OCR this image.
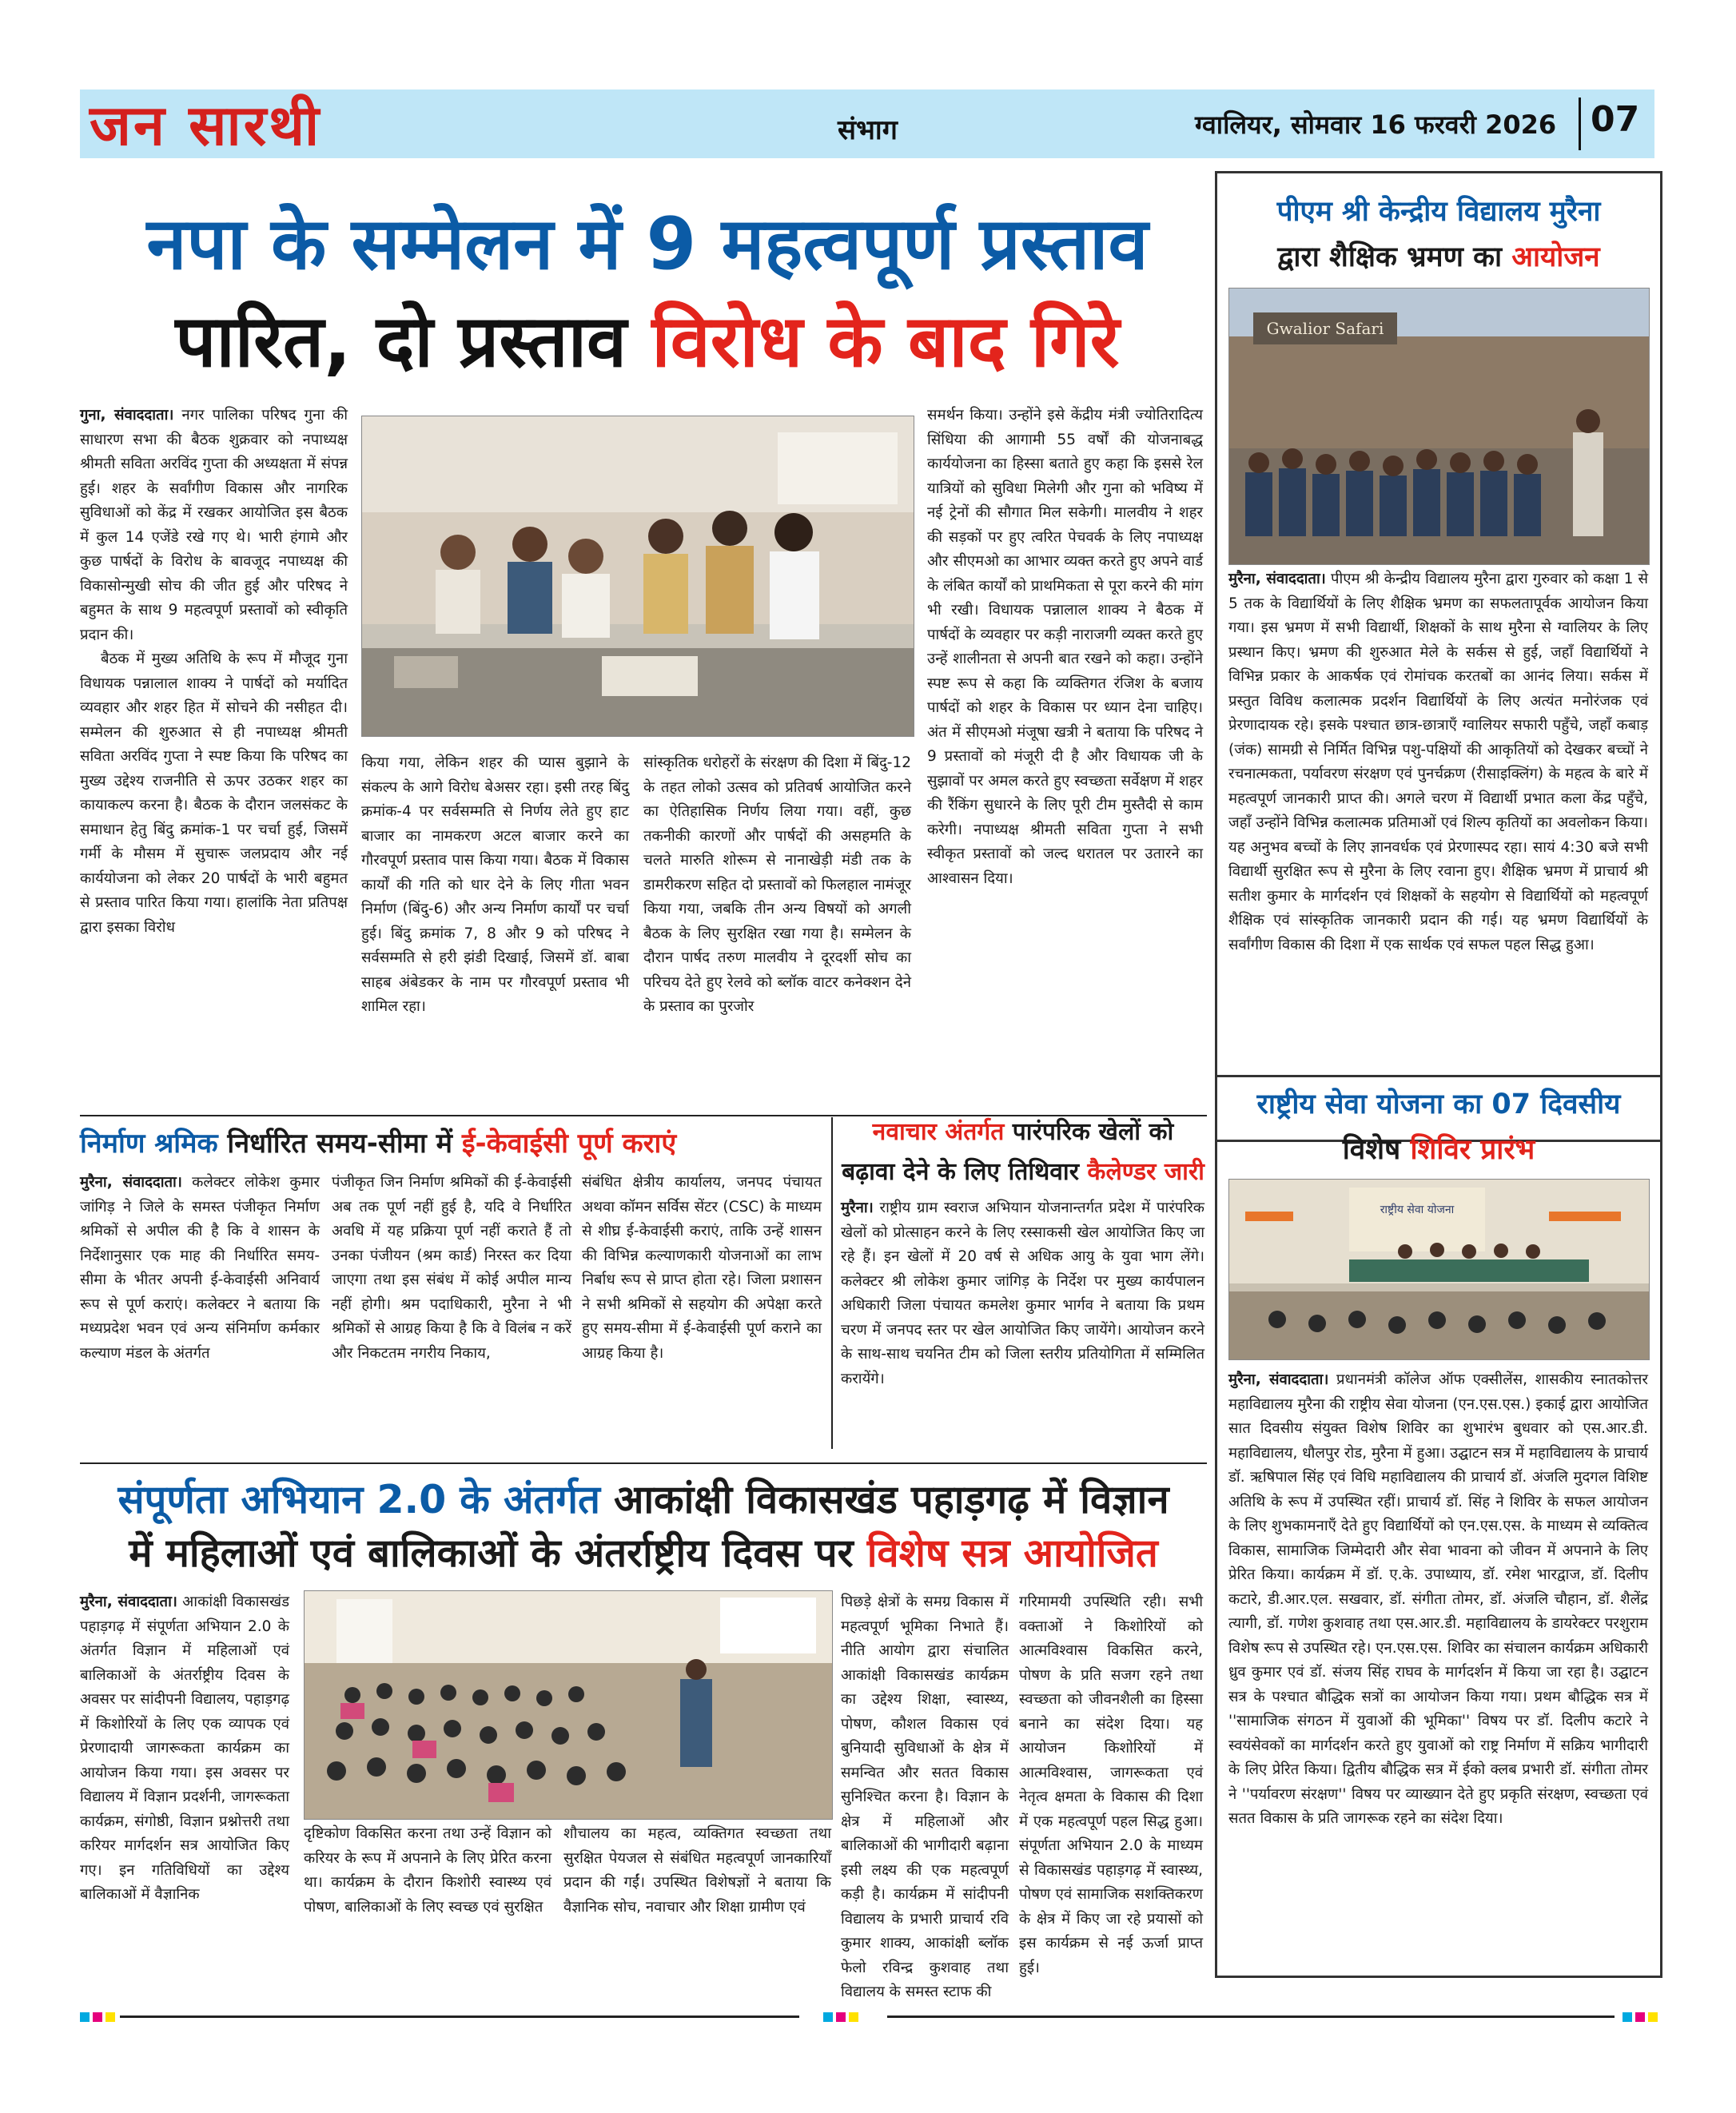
जन सारथी	संभाग	ग्वालियर, सोमवार 16 फरवरी 2026 07
नपा के सम्मेलन में 9 महत्वपूर्ण प्रस्ताव
पारित, दो प्रस्ताव विरोध के बाद गिरे

गुना, संवाददाता। नगर पालिका परिषद गुना की साधारण सभा की बैठक शुक्रवार को नपाध्यक्ष श्रीमती सविता अरविंद गुप्ता की अध्यक्षता में संपन्न हुई। शहर के सर्वांगीण विकास और नागरिक सुविधाओं को केंद्र में रखकर आयोजित इस बैठक में कुल 14 एजेंडे रखे गए थे। भारी हंगामे और कुछ पार्षदों के विरोध के बावजूद नपाध्यक्ष की विकासोन्मुखी सोच की जीत हुई और परिषद ने बहुमत के साथ 9 महत्वपूर्ण प्रस्तावों को स्वीकृति प्रदान की।

बैठक में मुख्य अतिथि के रूप में मौजूद गुना विधायक पन्नालाल शाक्य ने पार्षदों को मर्यादित व्यवहार और शहर हित में सोचने की नसीहत दी। सम्मेलन की शुरुआत से ही नपाध्यक्ष श्रीमती सविता अरविंद गुप्ता ने स्पष्ट किया कि परिषद का मुख्य उद्देश्य राजनीति से ऊपर उठकर शहर का कायाकल्प करना है। बैठक के दौरान जलसंकट के समाधान हेतु बिंदु क्रमांक-1 पर चर्चा हुई, जिसमें गर्मी के मौसम में सुचारू जलप्रदाय और नई कार्ययोजना को लेकर 20 पार्षदों के भारी बहुमत से प्रस्ताव पारित किया गया। हालांकि नेता प्रतिपक्ष द्वारा इसका विरोध

किया गया, लेकिन शहर की प्यास बुझाने के संकल्प के आगे विरोध बेअसर रहा। इसी तरह बिंदु क्रमांक-4 पर सर्वसम्मति से निर्णय लेते हुए हाट बाजार का नामकरण अटल बाजार करने का गौरवपूर्ण प्रस्ताव पास किया गया। बैठक में विकास कार्यों की गति को धार देने के लिए गीता भवन निर्माण (बिंदु-6) और अन्य निर्माण कार्यों पर चर्चा हुई। बिंदु क्रमांक 7, 8 और 9 को परिषद ने सर्वसम्मति से हरी झंडी दिखाई, जिसमें डॉ. बाबा साहब अंबेडकर के नाम पर गौरवपूर्ण प्रस्ताव भी शामिल रहा।
सांस्कृतिक धरोहरों के संरक्षण की दिशा में बिंदु-12 के तहत लोको उत्सव को प्रतिवर्ष आयोजित करने का ऐतिहासिक निर्णय लिया गया। वहीं, कुछ तकनीकी कारणों और पार्षदों की असहमति के चलते मारुति शोरूम से नानाखेड़ी मंडी तक के डामरीकरण सहित दो प्रस्तावों को फिलहाल नामंजूर किया गया, जबकि तीन अन्य विषयों को अगली बैठक के लिए सुरक्षित रखा गया है। सम्मेलन के दौरान पार्षद तरुण मालवीय ने दूरदर्शी सोच का परिचय देते हुए रेलवे को ब्लॉक वाटर कनेक्शन देने के प्रस्ताव का पुरजोर
समर्थन किया। उन्होंने इसे केंद्रीय मंत्री ज्योतिरादित्य सिंधिया की आगामी 55 वर्षों की योजनाबद्ध कार्ययोजना का हिस्सा बताते हुए कहा कि इससे रेल यात्रियों को सुविधा मिलेगी और गुना को भविष्य में नई ट्रेनों की सौगात मिल सकेगी। मालवीय ने शहर की सड़कों पर हुए त्वरित पेचवर्क के लिए नपाध्यक्ष और सीएमओ का आभार व्यक्त करते हुए अपने वार्ड के लंबित कार्यों को प्राथमिकता से पूरा करने की मांग भी रखी। विधायक पन्नालाल शाक्य ने बैठक में पार्षदों के व्यवहार पर कड़ी नाराजगी व्यक्त करते हुए उन्हें शालीनता से अपनी बात रखने को कहा। उन्होंने स्पष्ट रूप से कहा कि व्यक्तिगत रंजिश के बजाय पार्षदों को शहर के विकास पर ध्यान देना चाहिए। अंत में सीएमओ मंजूषा खत्री ने बताया कि परिषद ने 9 प्रस्तावों को मंजूरी दी है और विधायक जी के सुझावों पर अमल करते हुए स्वच्छता सर्वेक्षण में शहर की रैंकिंग सुधारने के लिए पूरी टीम मुस्तैदी से काम करेगी। नपाध्यक्ष श्रीमती सविता गुप्ता ने सभी स्वीकृत प्रस्तावों को जल्द धरातल पर उतारने का आश्वासन दिया।
पीएम श्री केन्द्रीय विद्यालय मुरैना
द्वारा शैक्षिक भ्रमण का आयोजन
Gwalior Safari

मुरैना, संवाददाता। पीएम श्री केन्द्रीय विद्यालय मुरैना द्वारा गुरुवार को कक्षा 1 से 5 तक के विद्यार्थियों के लिए शैक्षिक भ्रमण का सफलतापूर्वक आयोजन किया गया। इस भ्रमण में सभी विद्यार्थी, शिक्षकों के साथ मुरैना से ग्वालियर के लिए प्रस्थान किए। भ्रमण की शुरुआत मेले के सर्कस से हुई, जहाँ विद्यार्थियों ने विभिन्न प्रकार के आकर्षक एवं रोमांचक करतबों का आनंद लिया। सर्कस में प्रस्तुत विविध कलात्मक प्रदर्शन विद्यार्थियों के लिए अत्यंत मनोरंजक एवं प्रेरणादायक रहे। इसके पश्चात छात्र-छात्राएँ ग्वालियर सफारी पहुँचे, जहाँ कबाड़ (जंक) सामग्री से निर्मित विभिन्न पशु-पक्षियों की आकृतियों को देखकर बच्चों ने रचनात्मकता, पर्यावरण संरक्षण एवं पुनर्चक्रण (रीसाइक्लिंग) के महत्व के बारे में महत्वपूर्ण जानकारी प्राप्त की। अगले चरण में विद्यार्थी प्रभात कला केंद्र पहुँचे, जहाँ उन्होंने विभिन्न कलात्मक प्रतिमाओं एवं शिल्प कृतियों का अवलोकन किया। यह अनुभव बच्चों के लिए ज्ञानवर्धक एवं प्रेरणास्पद रहा। सायं 4:30 बजे सभी विद्यार्थी सुरक्षित रूप से मुरैना के लिए रवाना हुए। शैक्षिक भ्रमण में प्राचार्य श्री सतीश कुमार के मार्गदर्शन एवं शिक्षकों के सहयोग से विद्यार्थियों को महत्वपूर्ण शैक्षिक एवं सांस्कृतिक जानकारी प्रदान की गई। यह भ्रमण विद्यार्थियों के सर्वांगीण विकास की दिशा में एक सार्थक एवं सफल पहल सिद्ध हुआ।

राष्ट्रीय सेवा योजना का 07 दिवसीय
विशेष शिविर प्रारंभ
राष्ट्रीय सेवा योजना

मुरैना, संवाददाता। प्रधानमंत्री कॉलेज ऑफ एक्सीलेंस, शासकीय स्नातकोत्तर महाविद्यालय मुरैना की राष्ट्रीय सेवा योजना (एन.एस.एस.) इकाई द्वारा आयोजित सात दिवसीय संयुक्त विशेष शिविर का शुभारंभ बुधवार को एस.आर.डी. महाविद्यालय, धौलपुर रोड, मुरैना में हुआ। उद्घाटन सत्र में महाविद्यालय के प्राचार्य डॉ. ऋषिपाल सिंह एवं विधि महाविद्यालय की प्राचार्य डॉ. अंजलि मुदगल विशिष्ट अतिथि के रूप में उपस्थित रहीं। प्राचार्य डॉ. सिंह ने शिविर के सफल आयोजन के लिए शुभकामनाएँ देते हुए विद्यार्थियों को एन.एस.एस. के माध्यम से व्यक्तित्व विकास, सामाजिक जिम्मेदारी और सेवा भावना को जीवन में अपनाने के लिए प्रेरित किया। कार्यक्रम में डॉ. ए.के. उपाध्याय, डॉ. रमेश भारद्वाज, डॉ. दिलीप कटारे, डी.आर.एल. सखवार, डॉ. संगीता तोमर, डॉ. अंजलि चौहान, डॉ. शैलेंद्र त्यागी, डॉ. गणेश कुशवाह तथा एस.आर.डी. महाविद्यालय के डायरेक्टर परशुराम विशेष रूप से उपस्थित रहे। एन.एस.एस. शिविर का संचालन कार्यक्रम अधिकारी ध्रुव कुमार एवं डॉ. संजय सिंह राघव के मार्गदर्शन में किया जा रहा है। उद्घाटन सत्र के पश्चात बौद्धिक सत्रों का आयोजन किया गया। प्रथम बौद्धिक सत्र में ''सामाजिक संगठन में युवाओं की भूमिका'' विषय पर डॉ. दिलीप कटारे ने स्वयंसेवकों का मार्गदर्शन करते हुए युवाओं को राष्ट्र निर्माण में सक्रिय भागीदारी के लिए प्रेरित किया। द्वितीय बौद्धिक सत्र में ईको क्लब प्रभारी डॉ. संगीता तोमर ने ''पर्यावरण संरक्षण'' विषय पर व्याख्यान देते हुए प्रकृति संरक्षण, स्वच्छता एवं सतत विकास के प्रति जागरूक रहने का संदेश दिया।

निर्माण श्रमिक निर्धारित समय-सीमा में ई-केवाईसी पूर्ण कराएं

मुरैना, संवाददाता। कलेक्टर लोकेश कुमार जांगिड़ ने जिले के समस्त पंजीकृत निर्माण श्रमिकों से अपील की है कि वे शासन के निर्देशानुसार एक माह की निर्धारित समय-सीमा के भीतर अपनी ई-केवाईसी अनिवार्य रूप से पूर्ण कराएं। कलेक्टर ने बताया कि मध्यप्रदेश भवन एवं अन्य संनिर्माण कर्मकार कल्याण मंडल के अंतर्गत

पंजीकृत जिन निर्माण श्रमिकों की ई-केवाईसी अब तक पूर्ण नहीं हुई है, यदि वे निर्धारित अवधि में यह प्रक्रिया पूर्ण नहीं कराते हैं तो उनका पंजीयन (श्रम कार्ड) निरस्त कर दिया जाएगा तथा इस संबंध में कोई अपील मान्य नहीं होगी। श्रम पदाधिकारी, मुरैना ने भी श्रमिकों से आग्रह किया है कि वे विलंब न करें और निकटतम नगरीय निकाय,
संबंधित क्षेत्रीय कार्यालय, जनपद पंचायत अथवा कॉमन सर्विस सेंटर (CSC) के माध्यम से शीघ्र ई-केवाईसी कराएं, ताकि उन्हें शासन की विभिन्न कल्याणकारी योजनाओं का लाभ निर्बाध रूप से प्राप्त होता रहे। जिला प्रशासन ने सभी श्रमिकों से सहयोग की अपेक्षा करते हुए समय-सीमा में ई-केवाईसी पूर्ण कराने का आग्रह किया है।
नवाचार अंतर्गत पारंपरिक खेलों को
बढ़ावा देने के लिए तिथिवार कैलेण्डर जारी

मुरैना। राष्ट्रीय ग्राम स्वराज अभियान योजनान्तर्गत प्रदेश में पारंपरिक खेलों को प्रोत्साहन करने के लिए रस्साकसी खेल आयोजित किए जा रहे हैं। इन खेलों में 20 वर्ष से अधिक आयु के युवा भाग लेंगे। कलेक्टर श्री लोकेश कुमार जांगिड़ के निर्देश पर मुख्य कार्यपालन अधिकारी जिला पंचायत कमलेश कुमार भार्गव ने बताया कि प्रथम चरण में जनपद स्तर पर खेल आयोजित किए जायेंगे। आयोजन करने के साथ-साथ चयनित टीम को जिला स्तरीय प्रतियोगिता में सम्मिलित करायेंगे।

संपूर्णता अभियान 2.0 के अंतर्गत आकांक्षी विकासखंड पहाड़गढ़ में विज्ञान
में महिलाओं एवं बालिकाओं के अंतर्राष्ट्रीय दिवस पर विशेष सत्र आयोजित

मुरैना, संवाददाता। आकांक्षी विकासखंड पहाड़गढ़ में संपूर्णता अभियान 2.0 के अंतर्गत विज्ञान में महिलाओं एवं बालिकाओं के अंतर्राष्ट्रीय दिवस के अवसर पर सांदीपनी विद्यालय, पहाड़गढ़ में किशोरियों के लिए एक व्यापक एवं प्रेरणादायी जागरूकता कार्यक्रम का आयोजन किया गया। इस अवसर पर विद्यालय में विज्ञान प्रदर्शनी, जागरूकता कार्यक्रम, संगोष्ठी, विज्ञान प्रश्नोत्तरी तथा करियर मार्गदर्शन सत्र आयोजित किए गए। इन गतिविधियों का उद्देश्य बालिकाओं में वैज्ञानिक

दृष्टिकोण विकसित करना तथा उन्हें विज्ञान को करियर के रूप में अपनाने के लिए प्रेरित करना था। कार्यक्रम के दौरान किशोरी स्वास्थ्य एवं पोषण, बालिकाओं के लिए स्वच्छ एवं सुरक्षित
शौचालय का महत्व, व्यक्तिगत स्वच्छता तथा सुरक्षित पेयजल से संबंधित महत्वपूर्ण जानकारियाँ प्रदान की गईं। उपस्थित विशेषज्ञों ने बताया कि वैज्ञानिक सोच, नवाचार और शिक्षा ग्रामीण एवं
पिछड़े क्षेत्रों के समग्र विकास में महत्वपूर्ण भूमिका निभाते हैं। नीति आयोग द्वारा संचालित आकांक्षी विकासखंड कार्यक्रम का उद्देश्य शिक्षा, स्वास्थ्य, पोषण, कौशल विकास एवं बुनियादी सुविधाओं के क्षेत्र में समन्वित और सतत विकास सुनिश्चित करना है। विज्ञान के क्षेत्र में महिलाओं और बालिकाओं की भागीदारी बढ़ाना इसी लक्ष्य की एक महत्वपूर्ण कड़ी है। कार्यक्रम में सांदीपनी विद्यालय के प्रभारी प्राचार्य रवि कुमार शाक्य, आकांक्षी ब्लॉक फेलो रविन्द्र कुशवाह तथा विद्यालय के समस्त स्टाफ की
गरिमामयी उपस्थिति रही। सभी वक्ताओं ने किशोरियों को आत्मविश्वास विकसित करने, पोषण के प्रति सजग रहने तथा स्वच्छता को जीवनशैली का हिस्सा बनाने का संदेश दिया। यह आयोजन किशोरियों में आत्मविश्वास, जागरूकता एवं नेतृत्व क्षमता के विकास की दिशा में एक महत्वपूर्ण पहल सिद्ध हुआ। संपूर्णता अभियान 2.0 के माध्यम से विकासखंड पहाड़गढ़ में स्वास्थ्य, पोषण एवं सामाजिक सशक्तिकरण के क्षेत्र में किए जा रहे प्रयासों को इस कार्यक्रम से नई ऊर्जा प्राप्त हुई।
